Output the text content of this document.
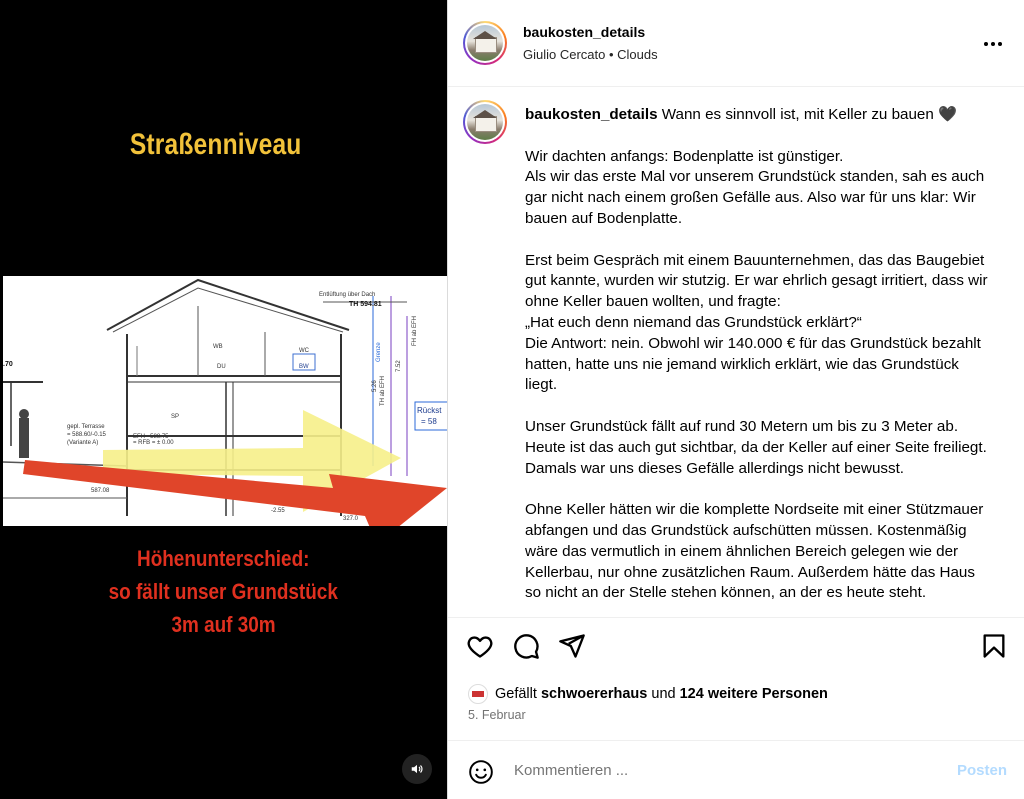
Straßenniveau
Entlüftung über Dach
TH 594.81
Rückst
= 58
gepl. Terrasse
= 588.60/-0.15
(Variante A)
EFH= 588.75
= RFB = ± 0.00
WB
DU
WC
BW
SP
.70
587.08
-2.55
327.0
Grenze
7.52
FH ab EFH
5.26 TH ab EFH
Höhenunterschied:
so fällt unser Grundstück
3m auf 30m
baukosten_details
Giulio Cercato • Clouds
baukosten_details Wann es sinnvoll ist, mit Keller zu bauen 🖤

Wir dachten anfangs: Bodenplatte ist günstiger.
Als wir das erste Mal vor unserem Grundstück standen, sah es auch gar nicht nach einem großen Gefälle aus. Also war für uns klar: Wir bauen auf Bodenplatte.

Erst beim Gespräch mit einem Bauunternehmen, das das Baugebiet gut kannte, wurden wir stutzig. Er war ehrlich gesagt irritiert, dass wir ohne Keller bauen wollten, und fragte:
„Hat euch denn niemand das Grundstück erklärt?“
Die Antwort: nein. Obwohl wir 140.000 € für das Grundstück bezahlt hatten, hatte uns nie jemand wirklich erklärt, wie das Grundstück liegt.

Unser Grundstück fällt auf rund 30 Metern um bis zu 3 Meter ab. Heute ist das auch gut sichtbar, da der Keller auf einer Seite freiliegt. Damals war uns dieses Gefälle allerdings nicht bewusst.

Ohne Keller hätten wir die komplette Nordseite mit einer Stützmauer abfangen und das Grundstück aufschütten müssen. Kostenmäßig wäre das vermutlich in einem ähnlichen Bereich gelegen wie der Kellerbau, nur ohne zusätzlichen Raum. Außerdem hätte das Haus so nicht an der Stelle stehen können, an der es heute steht.
Gefällt
schwoererhaus
und
124 weitere Personen
5. Februar
Kommentieren ...
Posten
